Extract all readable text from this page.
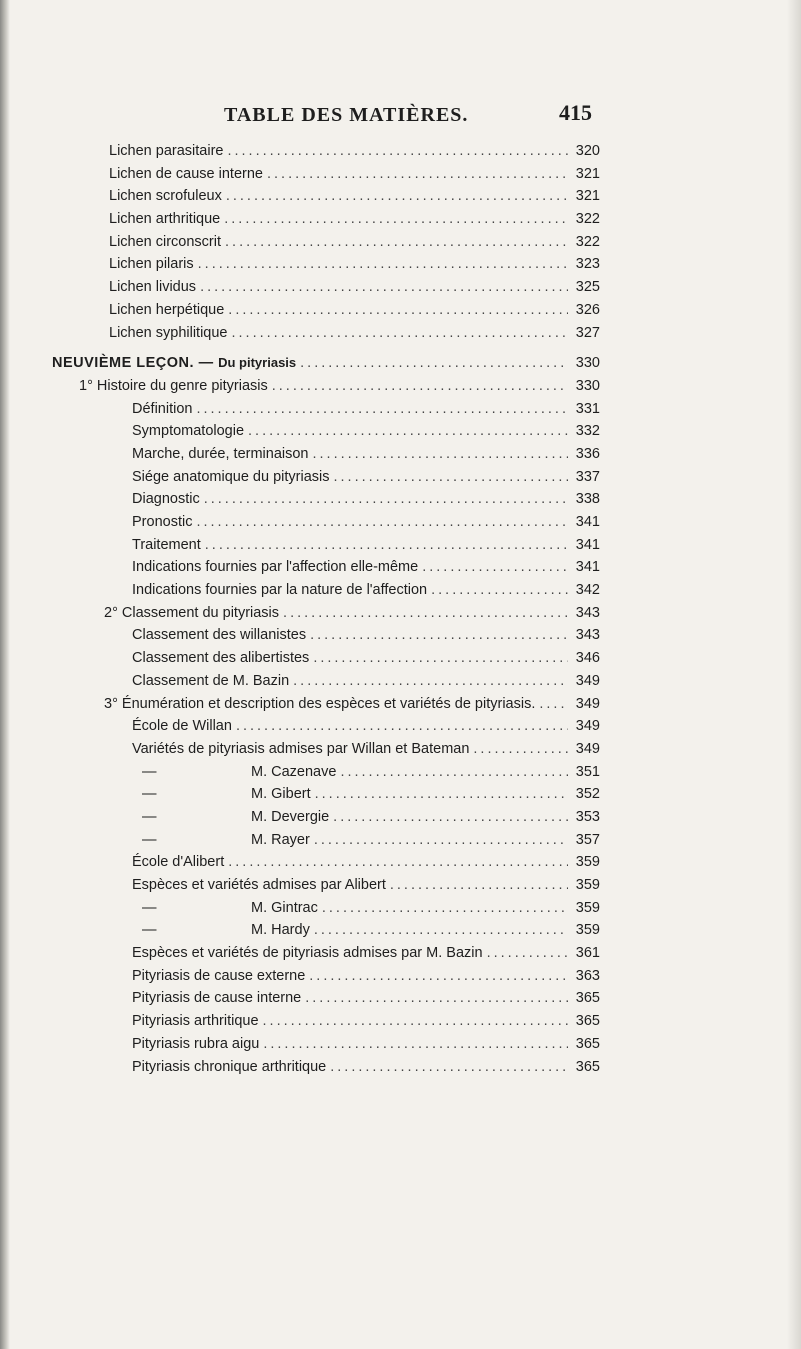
TABLE DES MATIÈRES.	415
Lichen parasitaire .....	320
Lichen de cause interne .....	321
Lichen scrofuleux .....	321
Lichen arthritique .....	322
Lichen circonscrit .....	322
Lichen pilaris .....	323
Lichen lividus .....	325
Lichen herpétique .....	326
Lichen syphilitique .....	327
NEUVIÈME LEÇON. — Du pityriasis .....	330
1° Histoire du genre pityriasis .....	330
Définition .....	331
Symptomatologie .....	332
Marche, durée, terminaison .....	336
Siége anatomique du pityriasis .....	337
Diagnostic .....	338
Pronostic .....	341
Traitement .....	341
Indications fournies par l'affection elle-même .....	341
Indications fournies par la nature de l'affection .....	342
2° Classement du pityriasis .....	343
Classement des willanistes .....	343
Classement des alibertistes .....	346
Classement de M. Bazin .....	349
3° Énumération et description des espèces et variétés de pityriasis. .....	349
École de Willan .....	349
Variétés de pityriasis admises par Willan et Bateman .....	349
—	M. Cazenave .....	351
—	M. Gibert .....	352
—	M. Devergie .....	353
—	M. Rayer .....	357
École d'Alibert .....	359
Espèces et variétés admises par Alibert .....	359
—	M. Gintrac .....	359
—	M. Hardy .....	359
Espèces et variétés de pityriasis admises par M. Bazin .....	361
Pityriasis de cause externe .....	363
Pityriasis de cause interne .....	365
Pityriasis arthritique .....	365
Pityriasis rubra aigu .....	365
Pityriasis chronique arthritique .....	365
